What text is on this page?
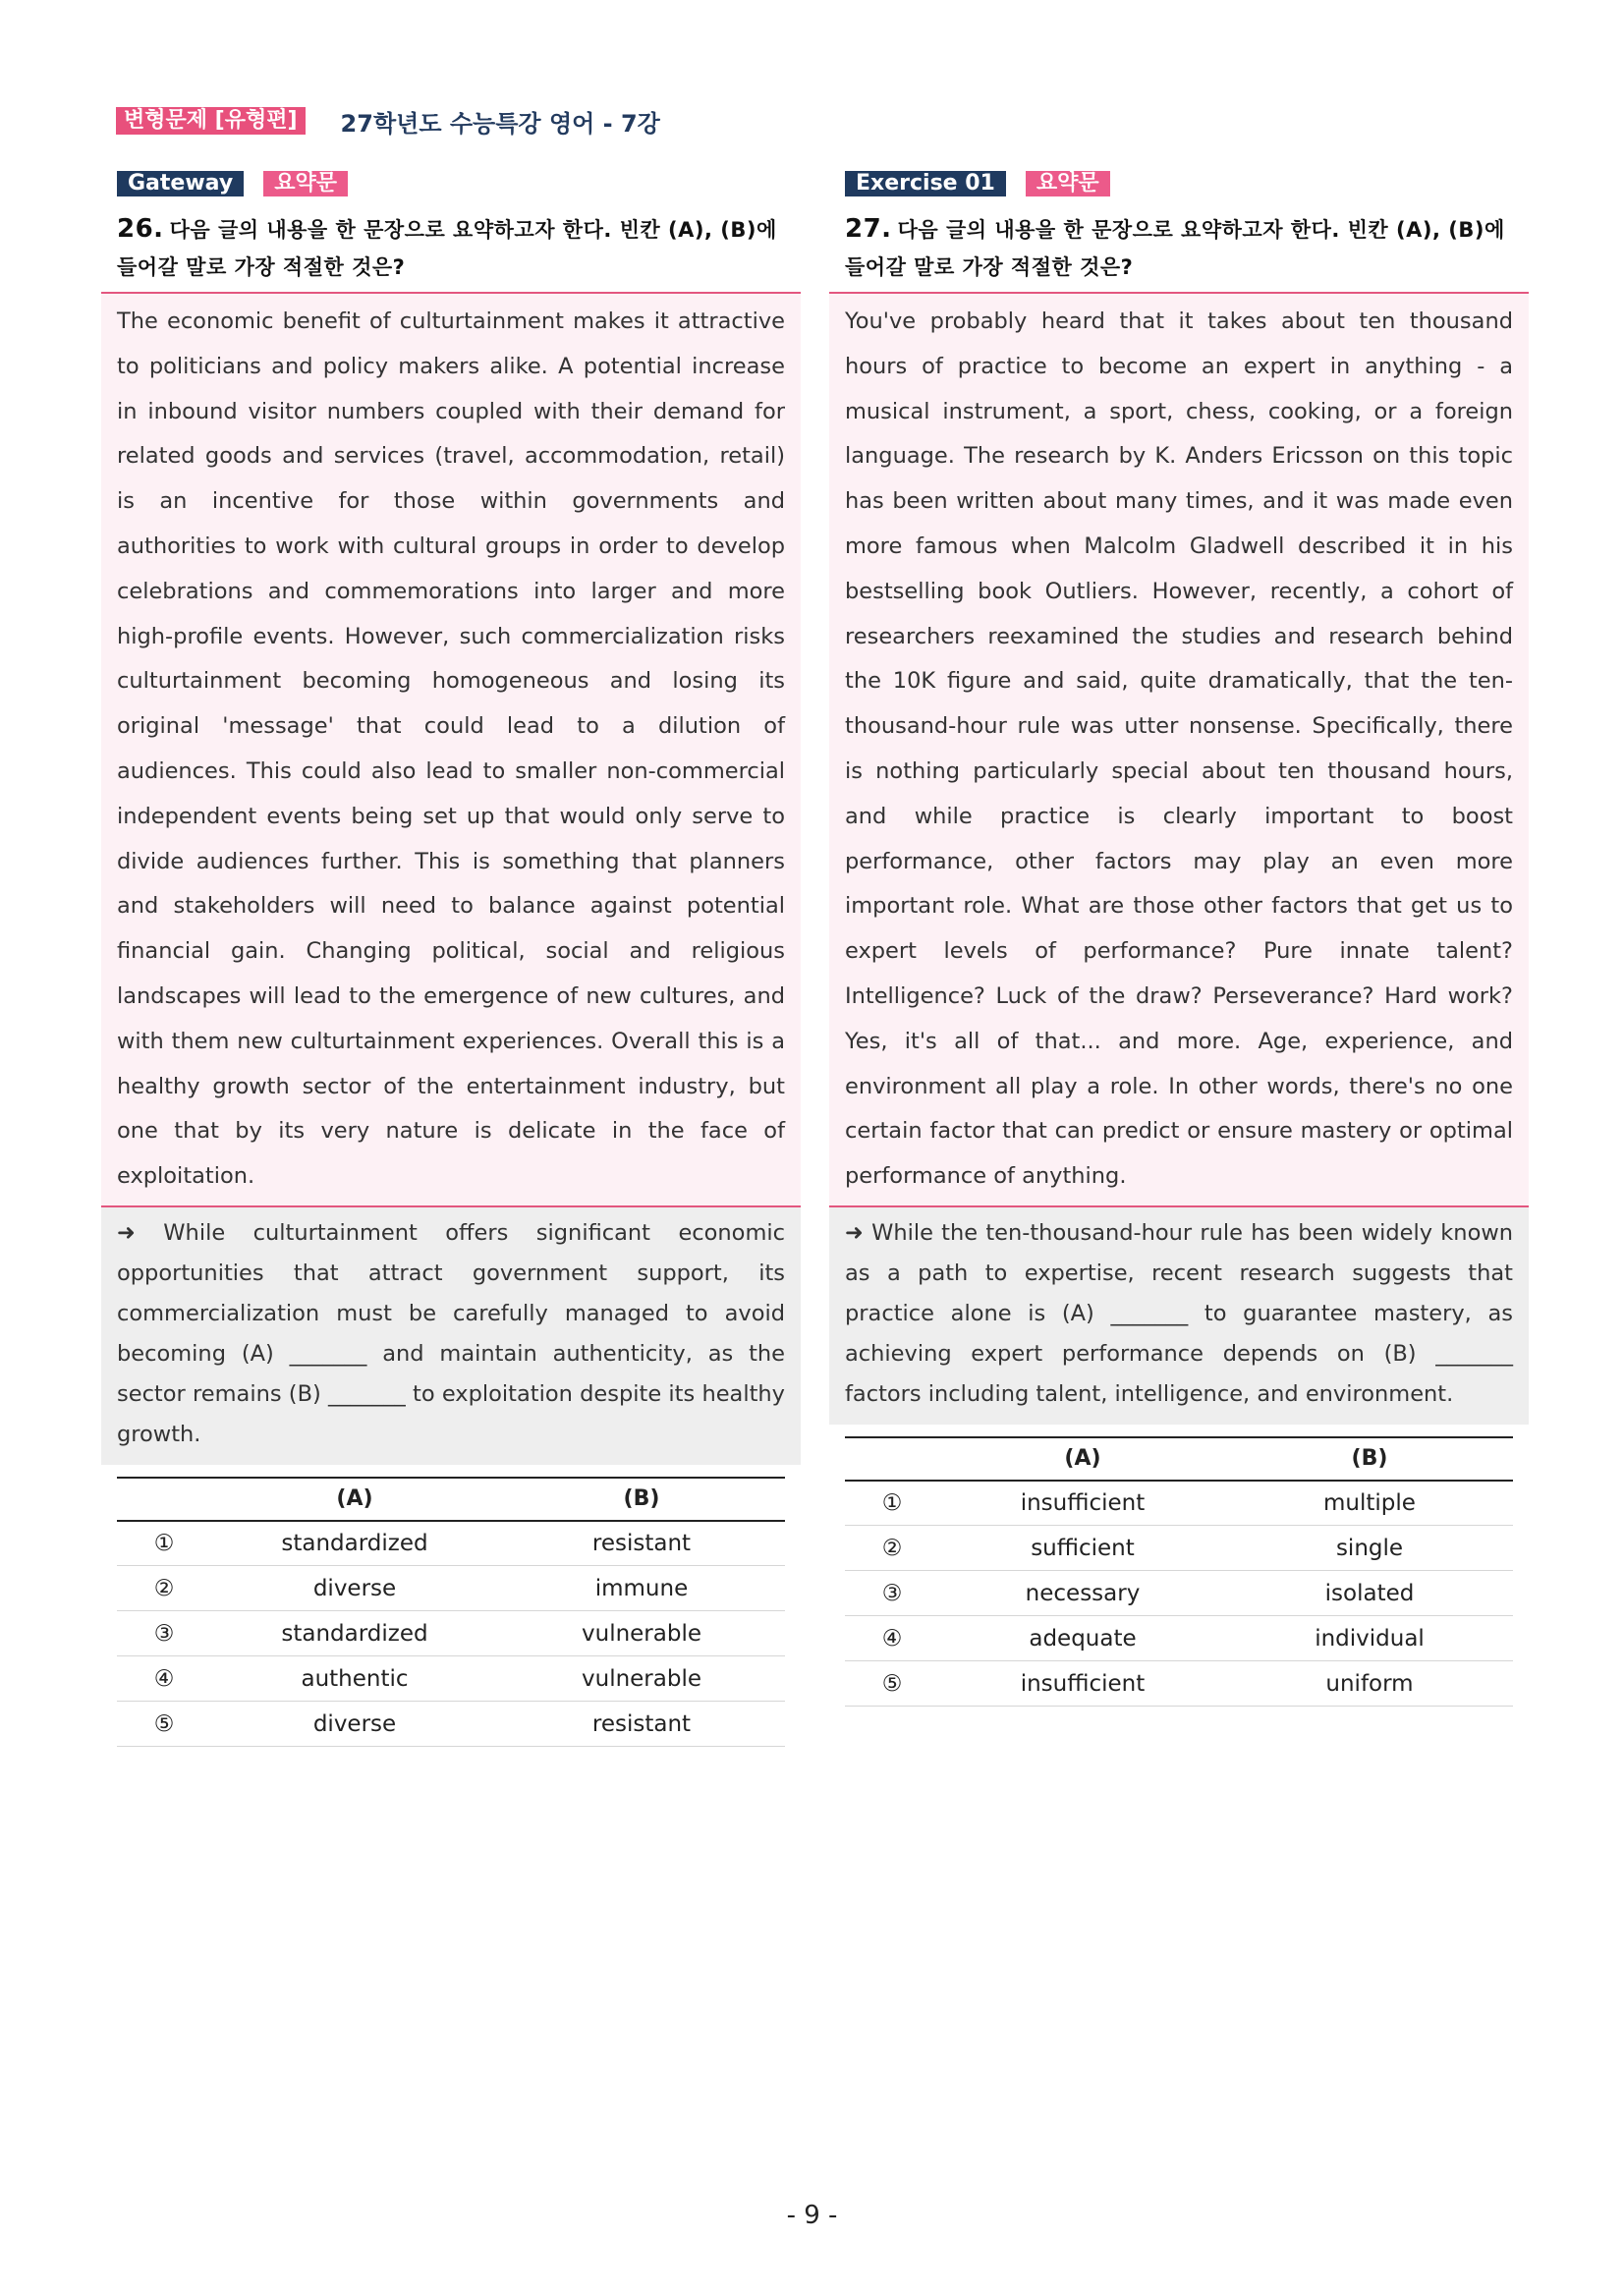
변형문제 [유형편]	27학년도 수능특강 영어 - 7강
Gateway	요약문
26. 다음 글의 내용을 한 문장으로 요약하고자 한다. 빈칸 (A), (B)에 들어갈 말로 가장 적절한 것은?
The economic benefit of culturtainment makes it attractive to politicians and policy makers alike. A potential increase in inbound visitor numbers coupled with their demand for related goods and services (travel, accommodation, retail) is an incentive for those within governments and authorities to work with cultural groups in order to develop celebrations and commemorations into larger and more high-profile events. However, such commercialization risks culturtainment becoming homogeneous and losing its original 'message' that could lead to a dilution of audiences. This could also lead to smaller non-commercial independent events being set up that would only serve to divide audiences further. This is something that planners and stakeholders will need to balance against potential financial gain. Changing political, social and religious landscapes will lead to the emergence of new cultures, and with them new culturtainment experiences. Overall this is a healthy growth sector of the entertainment industry, but one that by its very nature is delicate in the face of exploitation.
➜ While culturtainment offers significant economic opportunities that attract government support, its commercialization must be carefully managed to avoid becoming (A) _______ and maintain authenticity, as the sector remains (B) _______ to exploitation despite its healthy growth.
	(A)	(B)
①	standardized	resistant
②	diverse	immune
③	standardized	vulnerable
④	authentic	vulnerable
⑤	diverse	resistant
Exercise 01	요약문
27. 다음 글의 내용을 한 문장으로 요약하고자 한다. 빈칸 (A), (B)에 들어갈 말로 가장 적절한 것은?
You've probably heard that it takes about ten thousand hours of practice to become an expert in anything - a musical instrument, a sport, chess, cooking, or a foreign language. The research by K. Anders Ericsson on this topic has been written about many times, and it was made even more famous when Malcolm Gladwell described it in his bestselling book Outliers. However, recently, a cohort of researchers reexamined the studies and research behind the 10K figure and said, quite dramatically, that the ten-thousand-hour rule was utter nonsense. Specifically, there is nothing particularly special about ten thousand hours, and while practice is clearly important to boost performance, other factors may play an even more important role. What are those other factors that get us to expert levels of performance? Pure innate talent? Intelligence? Luck of the draw? Perseverance? Hard work? Yes, it's all of that... and more. Age, experience, and environment all play a role. In other words, there's no one certain factor that can predict or ensure mastery or optimal performance of anything.
➜ While the ten-thousand-hour rule has been widely known as a path to expertise, recent research suggests that practice alone is (A) _______ to guarantee mastery, as achieving expert performance depends on (B) _______ factors including talent, intelligence, and environment.
	(A)	(B)
①	insufficient	multiple
②	sufficient	single
③	necessary	isolated
④	adequate	individual
⑤	insufficient	uniform
- 9 -
